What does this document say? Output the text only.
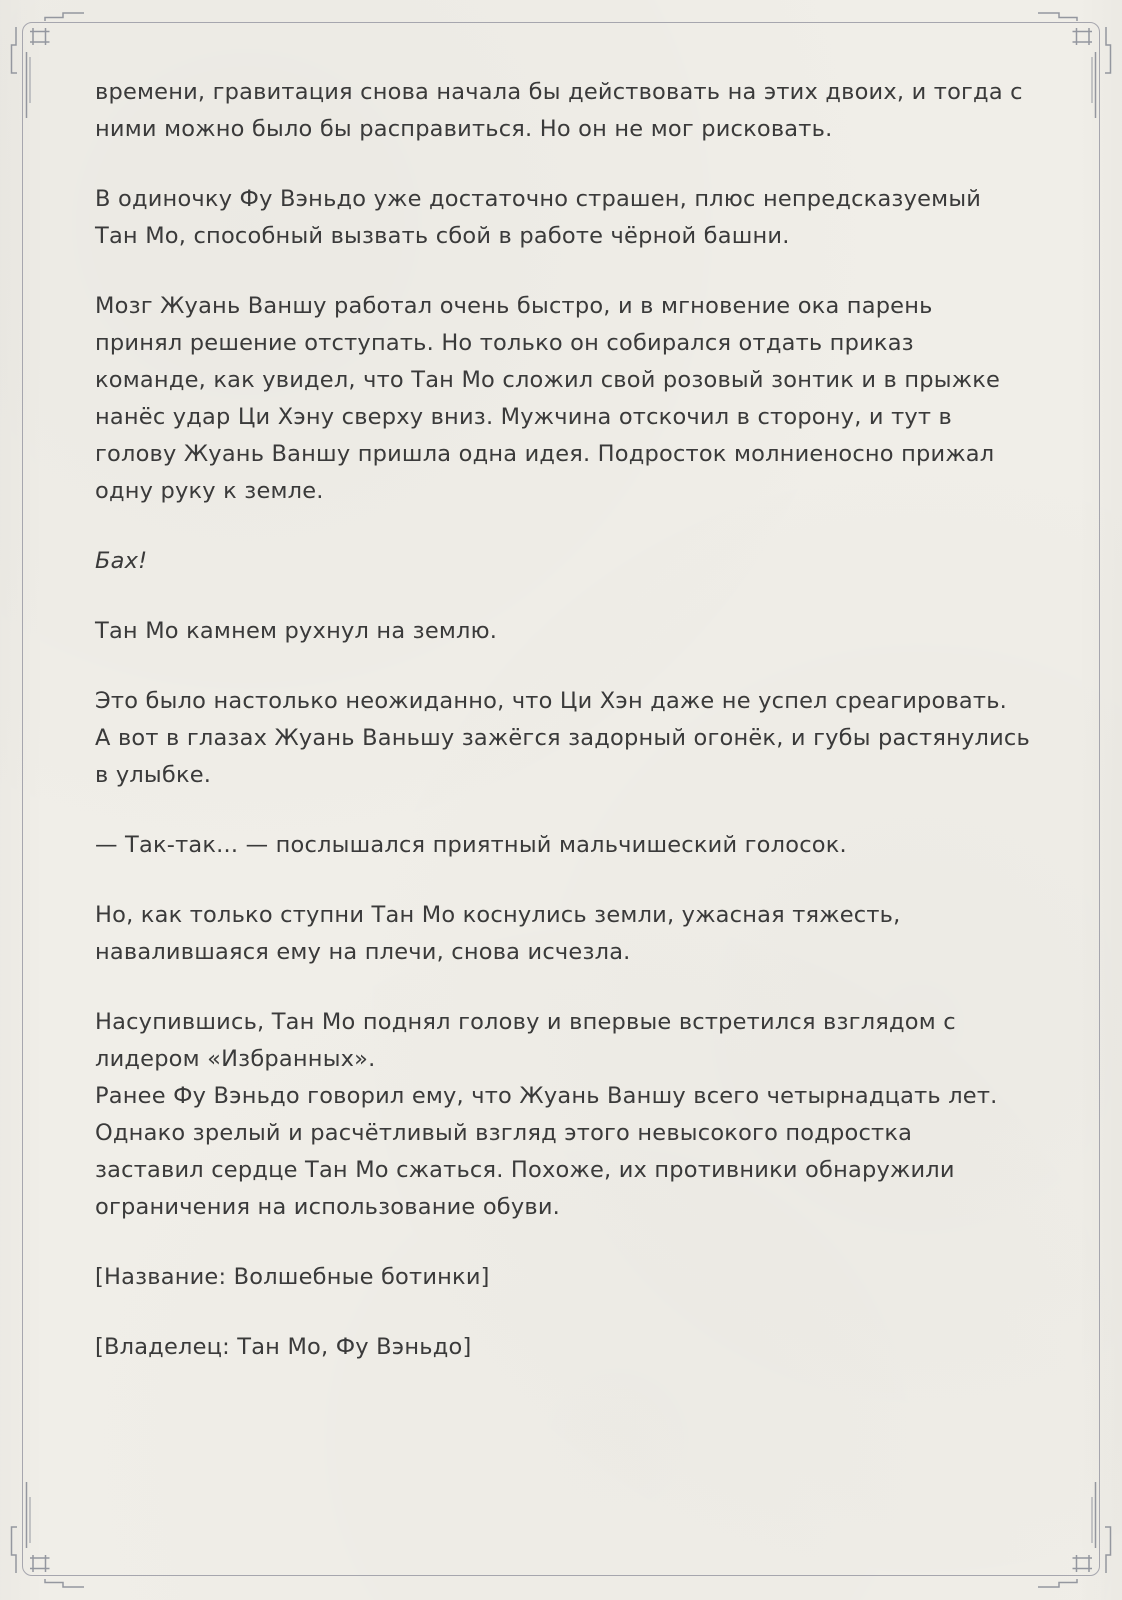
времени, гравитация снова начала бы действовать на этих двоих, и тогда с
ними можно было бы расправиться. Но он не мог рисковать.

В одиночку Фу Вэньдо уже достаточно страшен, плюс непредсказуемый
Тан Мо, способный вызвать сбой в работе чёрной башни.

Мозг Жуань Ваншу работал очень быстро, и в мгновение ока парень
принял решение отступать. Но только он собирался отдать приказ
команде, как увидел, что Тан Мо сложил свой розовый зонтик и в прыжке
нанёс удар Ци Хэну сверху вниз. Мужчина отскочил в сторону, и тут в
голову Жуань Ваншу пришла одна идея. Подросток молниеносно прижал
одну руку к земле.

Бах!

Тан Мо камнем рухнул на землю.

Это было настолько неожиданно, что Ци Хэн даже не успел среагировать.
А вот в глазах Жуань Ваньшу зажёгся задорный огонёк, и губы растянулись
в улыбке.

— Так-так... — послышался приятный мальчишеский голосок.

Но, как только ступни Тан Мо коснулись земли, ужасная тяжесть,
навалившаяся ему на плечи, снова исчезла.

Насупившись, Тан Мо поднял голову и впервые встретился взглядом с
лидером «Избранных».
Ранее Фу Вэньдо говорил ему, что Жуань Ваншу всего четырнадцать лет.
Однако зрелый и расчётливый взгляд этого невысокого подростка
заставил сердце Тан Мо сжаться. Похоже, их противники обнаружили
ограничения на использование обуви.

[Название: Волшебные ботинки]

[Владелец: Тан Мо, Фу Вэньдо]
